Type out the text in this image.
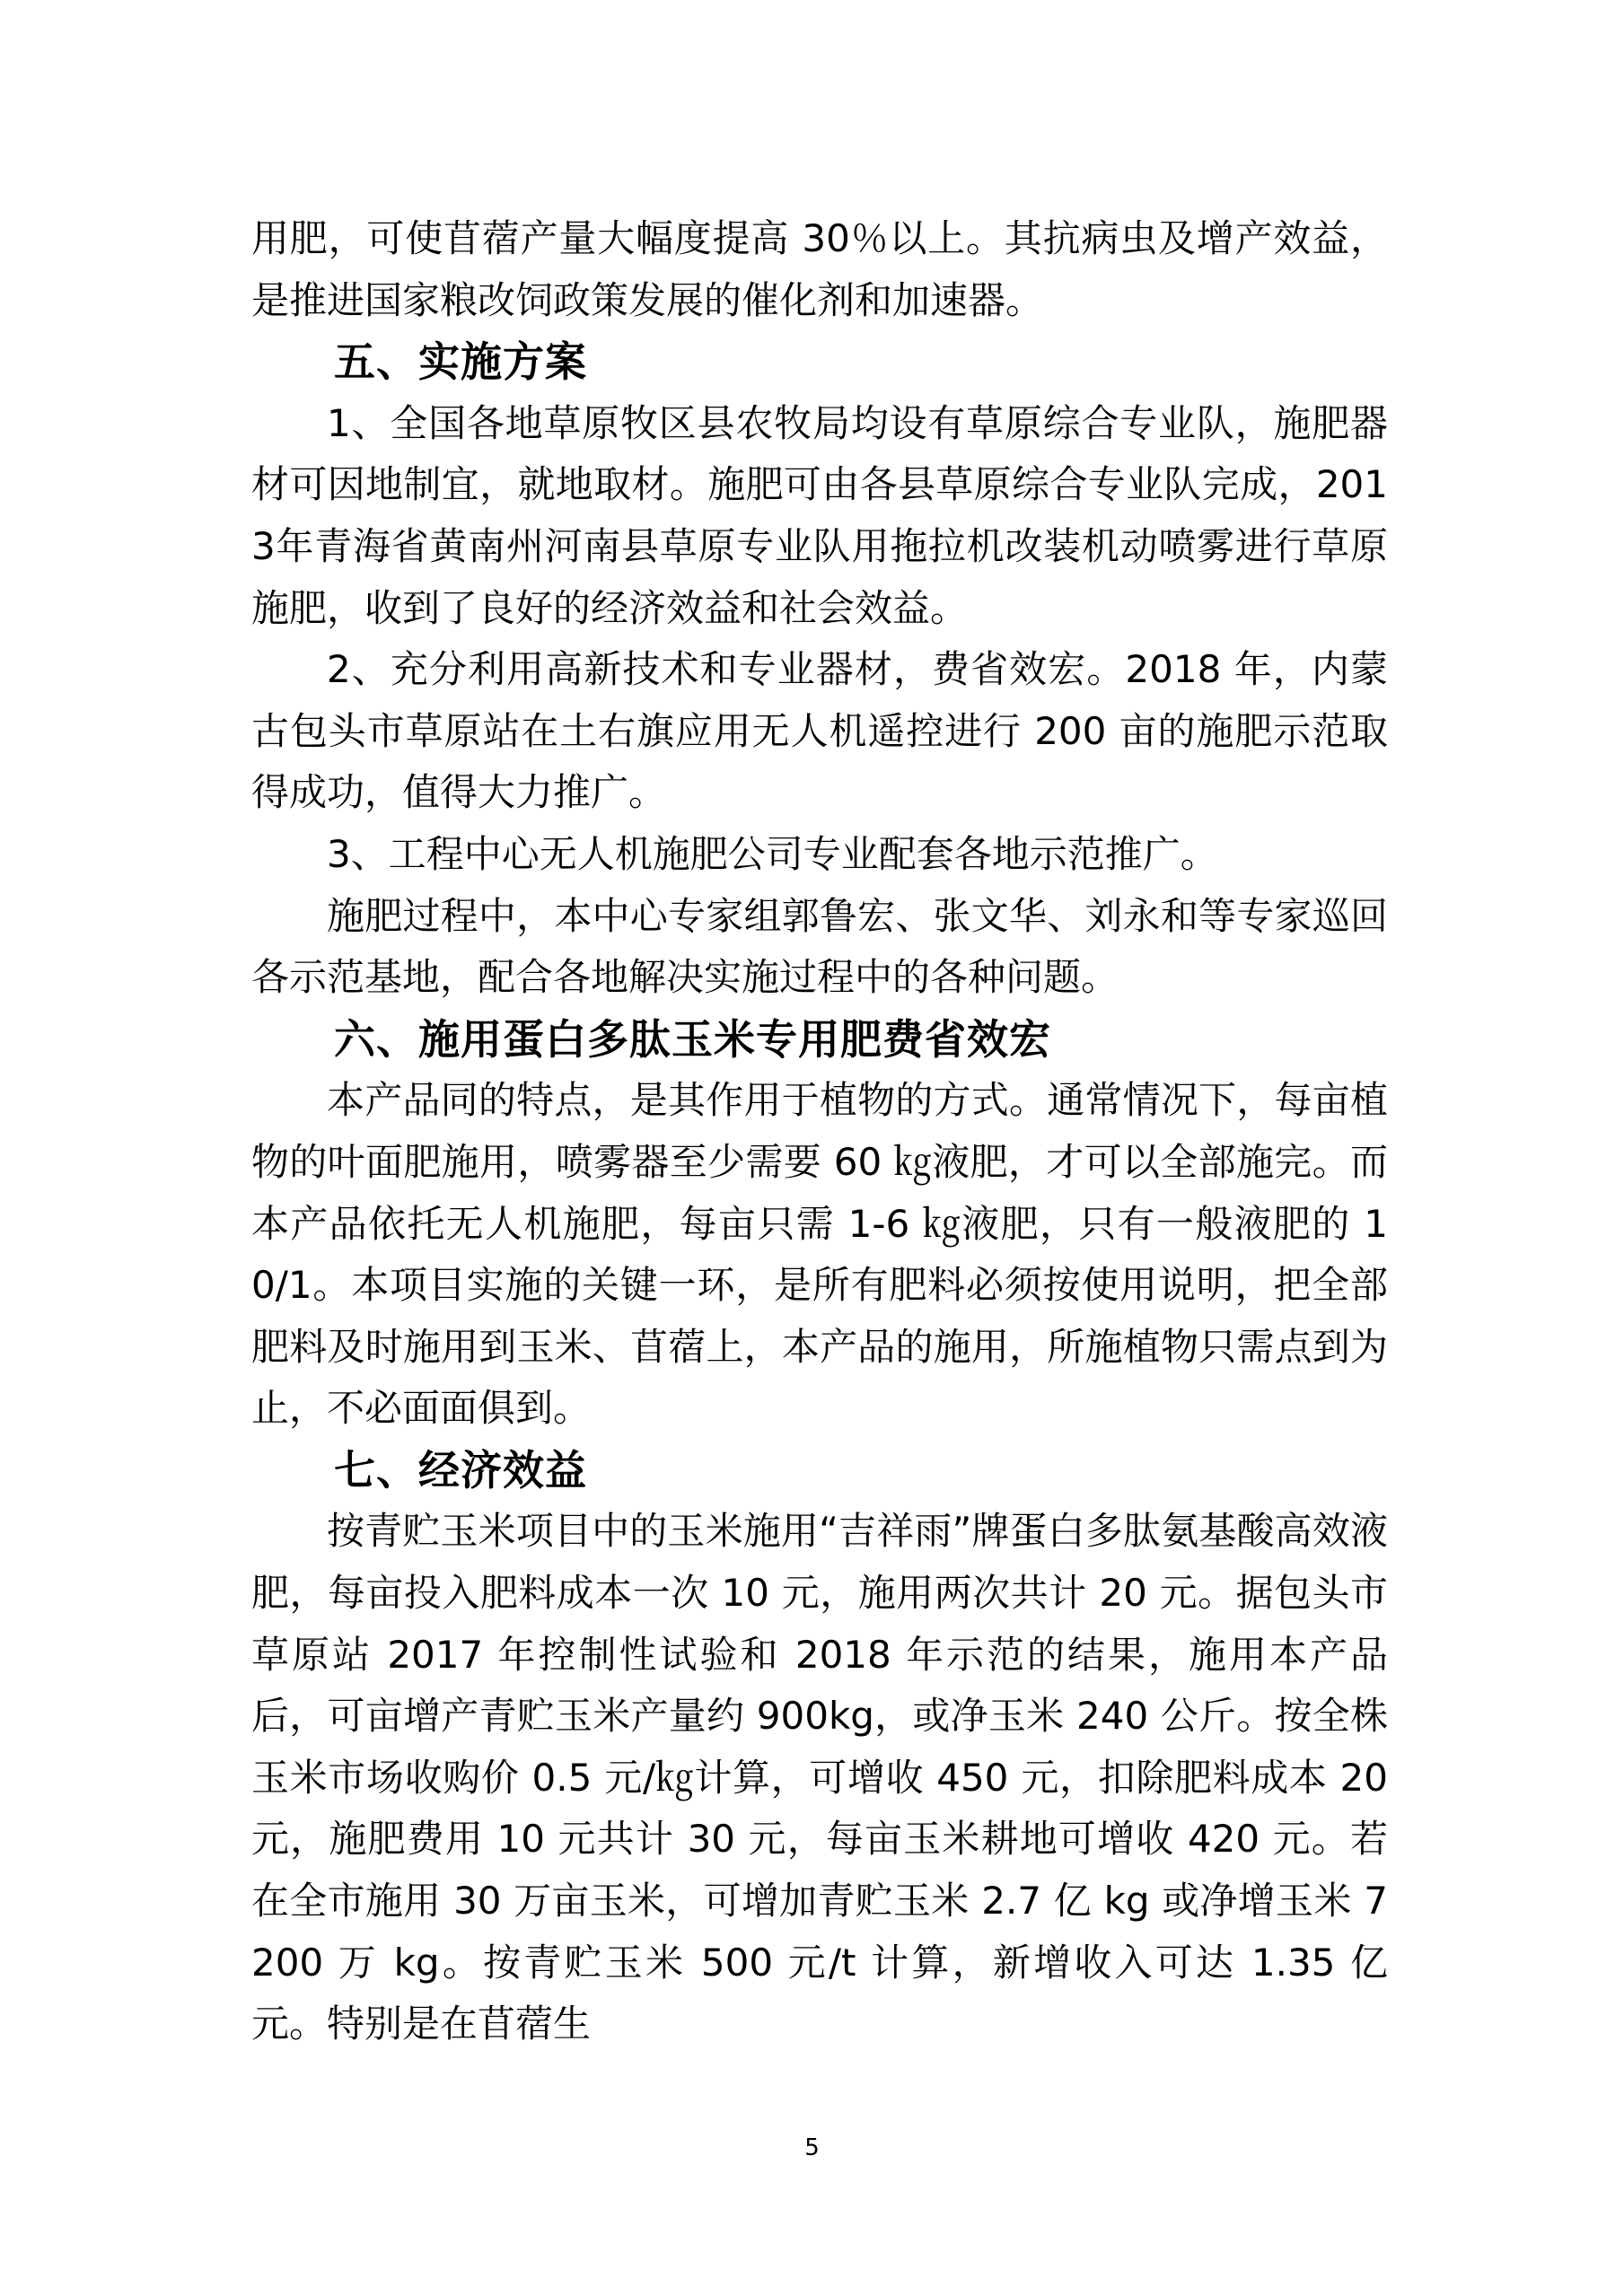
用肥，可使苜蓿产量大幅度提高 30％以上。其抗病虫及增产效益，是推进国家粮改饲政策发展的催化剂和加速器。

五、实施方案

1、全国各地草原牧区县农牧局均设有草原综合专业队，施肥器材可因地制宜，就地取材。施肥可由各县草原综合专业队完成，2013年青海省黄南州河南县草原专业队用拖拉机改装机动喷雾进行草原施肥，收到了良好的经济效益和社会效益。

2、充分利用高新技术和专业器材，费省效宏。2018 年，内蒙古包头市草原站在土右旗应用无人机遥控进行 200 亩的施肥示范取得成功，值得大力推广。

3、工程中心无人机施肥公司专业配套各地示范推广。

施肥过程中，本中心专家组郭鲁宏、张文华、刘永和等专家巡回各示范基地，配合各地解决实施过程中的各种问题。

六、施用蛋白多肽玉米专用肥费省效宏

本产品同的特点，是其作用于植物的方式。通常情况下，每亩植物的叶面肥施用，喷雾器至少需要 60 ㎏液肥，才可以全部施完。而本产品依托无人机施肥，每亩只需 1-6 ㎏液肥，只有一般液肥的 10/1。本项目实施的关键一环，是所有肥料必须按使用说明，把全部肥料及时施用到玉米、苜蓿上，本产品的施用，所施植物只需点到为止，不必面面俱到。

七、经济效益

按青贮玉米项目中的玉米施用“吉祥雨”牌蛋白多肽氨基酸高效液肥，每亩投入肥料成本一次 10 元，施用两次共计 20 元。据包头市草原站 2017 年控制性试验和 2018 年示范的结果，施用本产品后，可亩增产青贮玉米产量约 900kg，或净玉米 240 公斤。按全株玉米市场收购价 0.5 元/㎏计算，可增收 450 元，扣除肥料成本 20 元，施肥费用 10 元共计 30 元，每亩玉米耕地可增收 420 元。若在全市施用 30 万亩玉米，可增加青贮玉米 2.7 亿 kg 或净增玉米 7200 万 kg。按青贮玉米 500 元/t 计算，新增收入可达 1.35 亿元。特别是在苜蓿生

5
